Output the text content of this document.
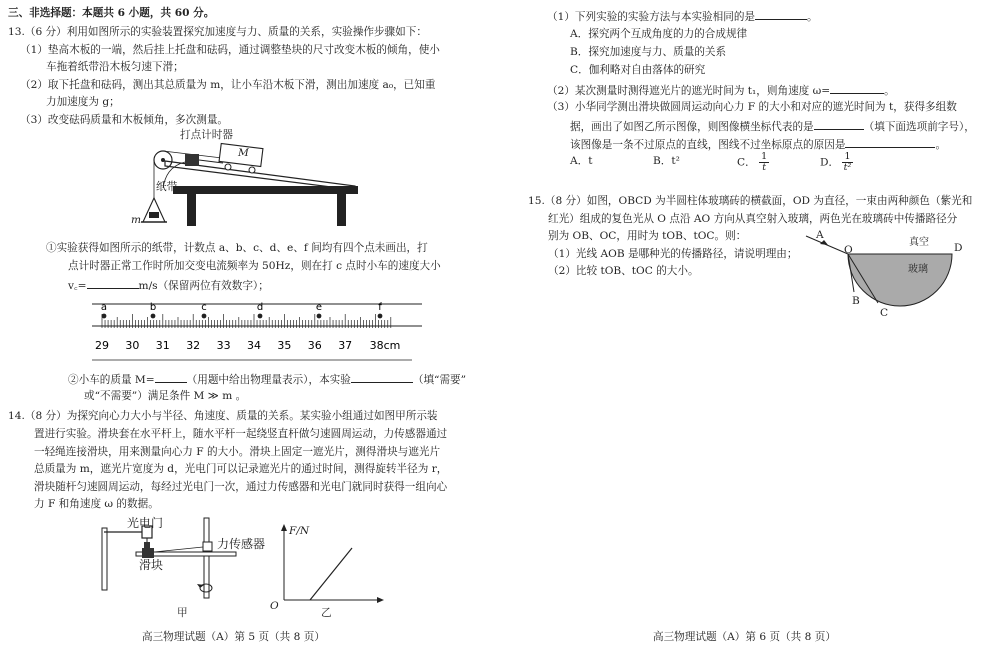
三、非选择题：本题共 6 小题，共 60 分。
13.（6 分）利用如图所示的实验装置探究加速度与力、质量的关系，实验操作步骤如下：
（1）垫高木板的一端，然后挂上托盘和砝码，通过调整垫块的尺寸改变木板的倾角，使小
车拖着纸带沿木板匀速下滑；
（2）取下托盘和砝码，测出其总质量为 m，让小车沿木板下滑，测出加速度 a₀，已知重
力加速度为 g；
（3）改变砝码质量和木板倾角，多次测量。
打点计时器
M
纸带
m
①实验获得如图所示的纸带，计数点 a、b、c、d、e、f 间均有四个点未画出，打
点计时器正常工作时所加交变电流频率为 50Hz，则在打 c 点时小车的速度大小
v꜀=	m/s（保留两位有效数字）；
29 30 31 32 33 34 35 36 37 38cm
a	b	c	d	e	f
②小车的质量 M=	（用题中给出物理量表示），本实验	（填“需要”
或“不需要”）满足条件 M ≫ m 。
14.（8 分）为探究向心力大小与半径、角速度、质量的关系。某实验小组通过如图甲所示装
置进行实验。滑块套在水平杆上，随水平杆一起绕竖直杆做匀速圆周运动，力传感器通过
一轻绳连接滑块，用来测量向心力 F 的大小。滑块上固定一遮光片，测得滑块与遮光片
总质量为 m，遮光片宽度为 d，光电门可以记录遮光片的通过时间，测得旋转半径为 r，
滑块随杆匀速圆周运动，每经过光电门一次，通过力传感器和光电门就同时获得一组向心
力 F 和角速度 ω 的数据。
光电门
力传感器
滑块
甲
F/N
O
乙
高三物理试题（A）第 5 页（共 8 页）
（1）下列实验的实验方法与本实验相同的是	。
A．探究两个互成角度的力的合成规律
B．探究加速度与力、质量的关系
C．伽利略对自由落体的研究
（2）某次测量时测得遮光片的遮光时间为 t₁，则角速度 ω=	。
（3）小华同学测出滑块做圆周运动向心力 F 的大小和对应的遮光时间为 t，获得多组数
据，画出了如图乙所示图像，则图像横坐标代表的是	（填下面选项前字号），
该图像是一条不过原点的直线，图线不过坐标原点的原因是	。
A．t	B．t²	C． $\frac{1}{t}$	D． $\frac{1}{\text{t²}}$
15.（8 分）如图，OBCD 为半圆柱体玻璃砖的横截面，OD 为直径，一束由两种颜色（紫光和
红光）组成的复色光从 O 点沿 AO 方向从真空射入玻璃，两色光在玻璃砖中传播路径分
别为 OB、OC，用时为 tOB、tOC。则：
（1）光线 AOB 是哪种光的传播路径，请说明理由；
（2）比较 tOB、tOC 的大小。
A
O
真空 D
玻璃
B
C
高三物理试题（A）第 6 页（共 8 页）
